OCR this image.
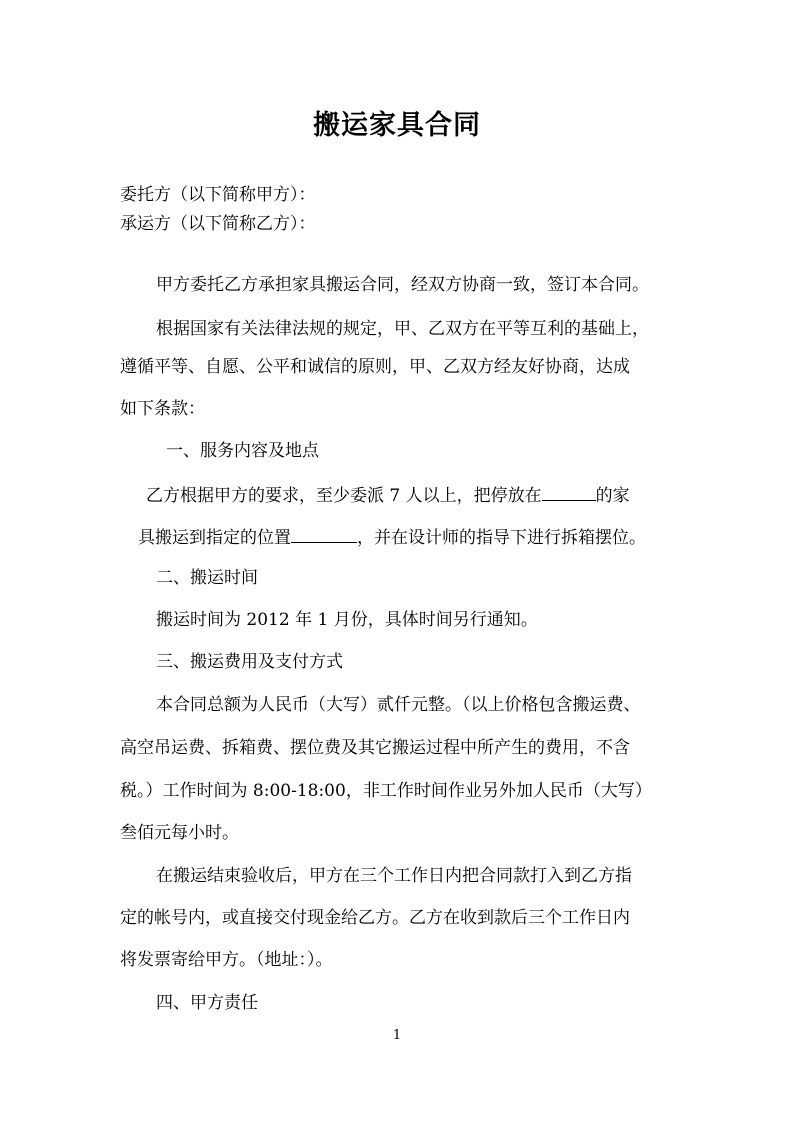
搬运家具合同
委托方（以下简称甲方）：
承运方（以下简称乙方）：
甲方委托乙方承担家具搬运合同，经双方协商一致，签订本合同。
根据国家有关法律法规的规定，甲、乙双方在平等互利的基础上，
遵循平等、自愿、公平和诚信的原则，甲、乙双方经友好协商，达成
如下条款：
一、服务内容及地点
乙方根据甲方的要求，至少委派 7 人以上，把停放在	的家
具搬运到指定的位置	，并在设计师的指导下进行拆箱摆位。
二、搬运时间
搬运时间为 2012 年 1 月份，具体时间另行通知。
三、搬运费用及支付方式
本合同总额为人民币（大写）贰仟元整。（以上价格包含搬运费、
高空吊运费、拆箱费、摆位费及其它搬运过程中所产生的费用，不含
税。）工作时间为 8:00-18:00，非工作时间作业另外加人民币（大写）
叁佰元每小时。
在搬运结束验收后，甲方在三个工作日内把合同款打入到乙方指
定的帐号内，或直接交付现金给乙方。乙方在收到款后三个工作日内
将发票寄给甲方。（地址：）。
四、甲方责任
1
